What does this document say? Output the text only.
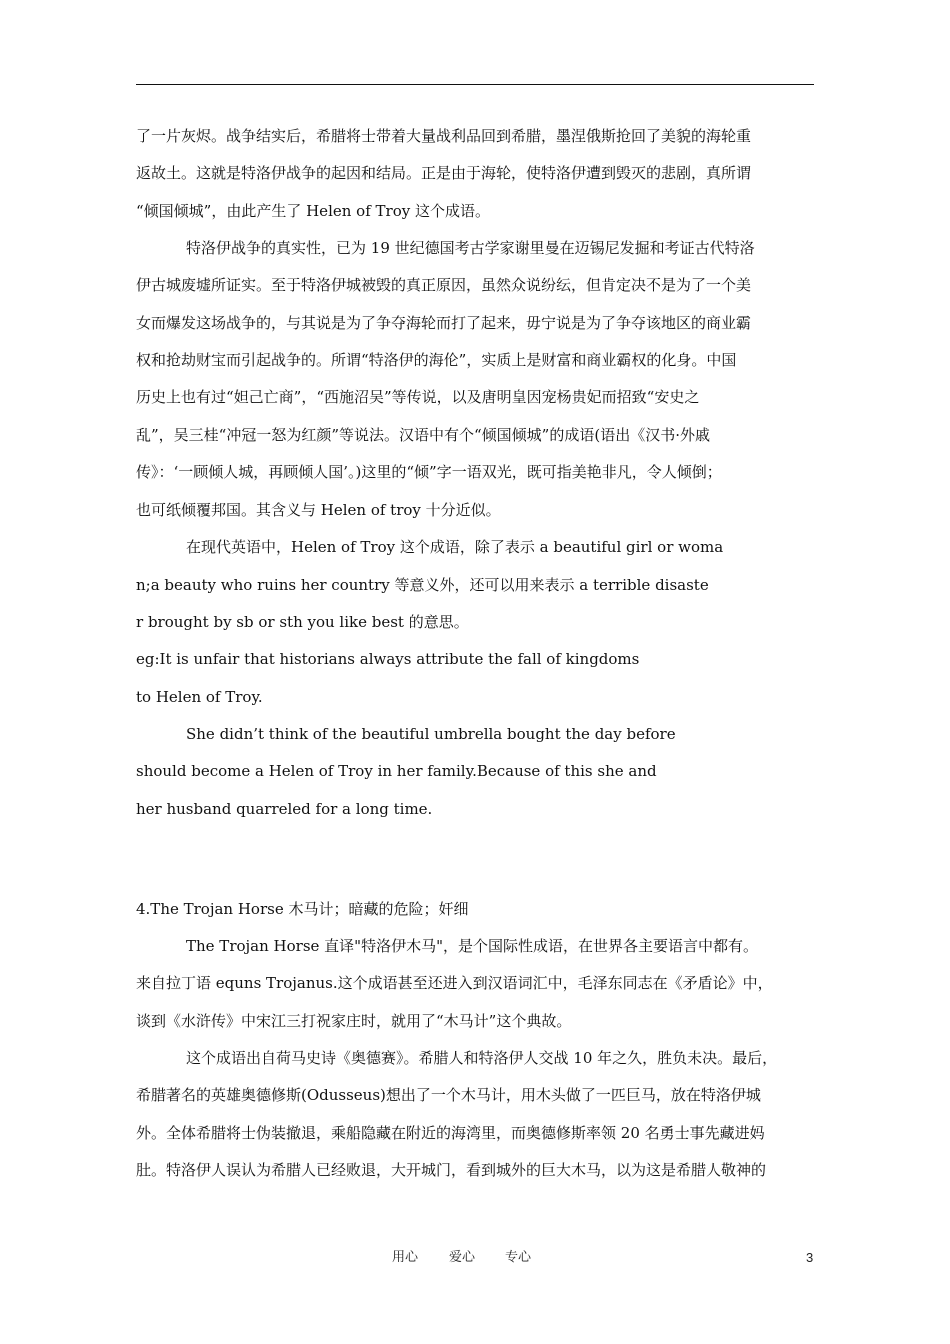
了一片灰烬。战争结实后，希腊将士带着大量战利品回到希腊，墨涅俄斯抢回了美貌的海轮重
返故土。这就是特洛伊战争的起因和结局。正是由于海轮，使特洛伊遭到毁灭的悲剧，真所谓
“倾国倾城”，由此产生了 Helen of Troy 这个成语。
特洛伊战争的真实性，已为 19 世纪德国考古学家谢里曼在迈锡尼发掘和考证古代特洛
伊古城废墟所证实。至于特洛伊城被毁的真正原因，虽然众说纷纭，但肯定决不是为了一个美
女而爆发这场战争的，与其说是为了争夺海轮而打了起来，毋宁说是为了争夺该地区的商业霸
权和抢劫财宝而引起战争的。所谓“特洛伊的海伦”，实质上是财富和商业霸权的化身。中国
历史上也有过“妲己亡商”，“西施沼吴”等传说，以及唐明皇因宠杨贵妃而招致“安史之
乱”，吴三桂“冲冠一怒为红颜”等说法。汉语中有个“倾国倾城”的成语(语出《汉书·外戚
传》：‘一顾倾人城，再顾倾人国’。)这里的“倾”字一语双光，既可指美艳非凡，令人倾倒；
也可纸倾覆邦国。其含义与 Helen of troy 十分近似。
在现代英语中，Helen of Troy 这个成语，除了表示 a beautiful girl or woma
n;a beauty who ruins her country 等意义外，还可以用来表示 a terrible disaste
r brought by sb or sth you like best 的意思。
eg:It is unfair that historians always attribute the fall of kingdoms
to Helen of Troy.
She didn’t think of the beautiful umbrella bought the day before
should become a Helen of Troy in her family.Because of this she and
her husband quarreled for a long time.
4.The Trojan Horse 木马计；暗藏的危险；奸细
The Trojan Horse 直译"特洛伊木马"，是个国际性成语，在世界各主要语言中都有。
来自拉丁语 equns Trojanus.这个成语甚至还进入到汉语词汇中，毛泽东同志在《矛盾论》中，
谈到《水浒传》中宋江三打祝家庄时，就用了“木马计”这个典故。
这个成语出自荷马史诗《奥德赛》。希腊人和特洛伊人交战 10 年之久，胜负未决。最后，
希腊著名的英雄奥德修斯(Odusseus)想出了一个木马计，用木头做了一匹巨马，放在特洛伊城
外。全体希腊将士伪装撤退，乘船隐藏在附近的海湾里，而奥德修斯率领 20 名勇士事先藏进妈
肚。特洛伊人误认为希腊人已经败退，大开城门，看到城外的巨大木马，以为这是希腊人敬神的
用心 爱心 专心	3
